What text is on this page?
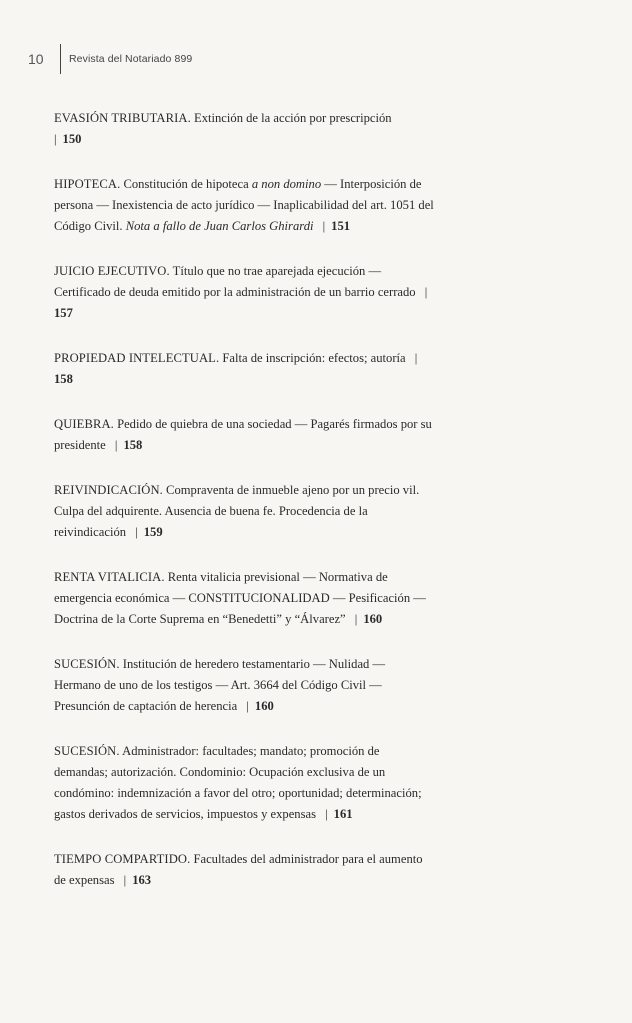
10	Revista del Notariado 899

EVASIÓN TRIBUTARIA. Extinción de la acción por prescripción
| 150

HIPOTECA. Constitución de hipoteca a non domino — Interposición de persona — Inexistencia de acto jurídico — Inaplicabilidad del art. 1051 del Código Civil. Nota a fallo de Juan Carlos Ghirardi | 151

JUICIO EJECUTIVO. Título que no trae aparejada ejecución — Certificado de deuda emitido por la administración de un barrio cerrado |157

PROPIEDAD INTELECTUAL. Falta de inscripción: efectos; autoría |158

QUIEBRA. Pedido de quiebra de una sociedad — Pagarés firmados por su presidente | 158

REIVINDICACIÓN. Compraventa de inmueble ajeno por un precio vil. Culpa del adquirente. Ausencia de buena fe. Procedencia de la reivindicación | 159

RENTA VITALICIA. Renta vitalicia previsional — Normativa de emergencia económica — CONSTITUCIONALIDAD — Pesificación — Doctrina de la Corte Suprema en “Benedetti” y “Álvarez” | 160

SUCESIÓN. Institución de heredero testamentario — Nulidad — Hermano de uno de los testigos — Art. 3664 del Código Civil — Presunción de captación de herencia | 160

SUCESIÓN. Administrador: facultades; mandato; promoción de demandas; autorización. Condominio: Ocupación exclusiva de un condómino: indemnización a favor del otro; oportunidad; determinación; gastos derivados de servicios, impuestos y expensas | 161

TIEMPO COMPARTIDO. Facultades del administrador para el aumento de expensas | 163
